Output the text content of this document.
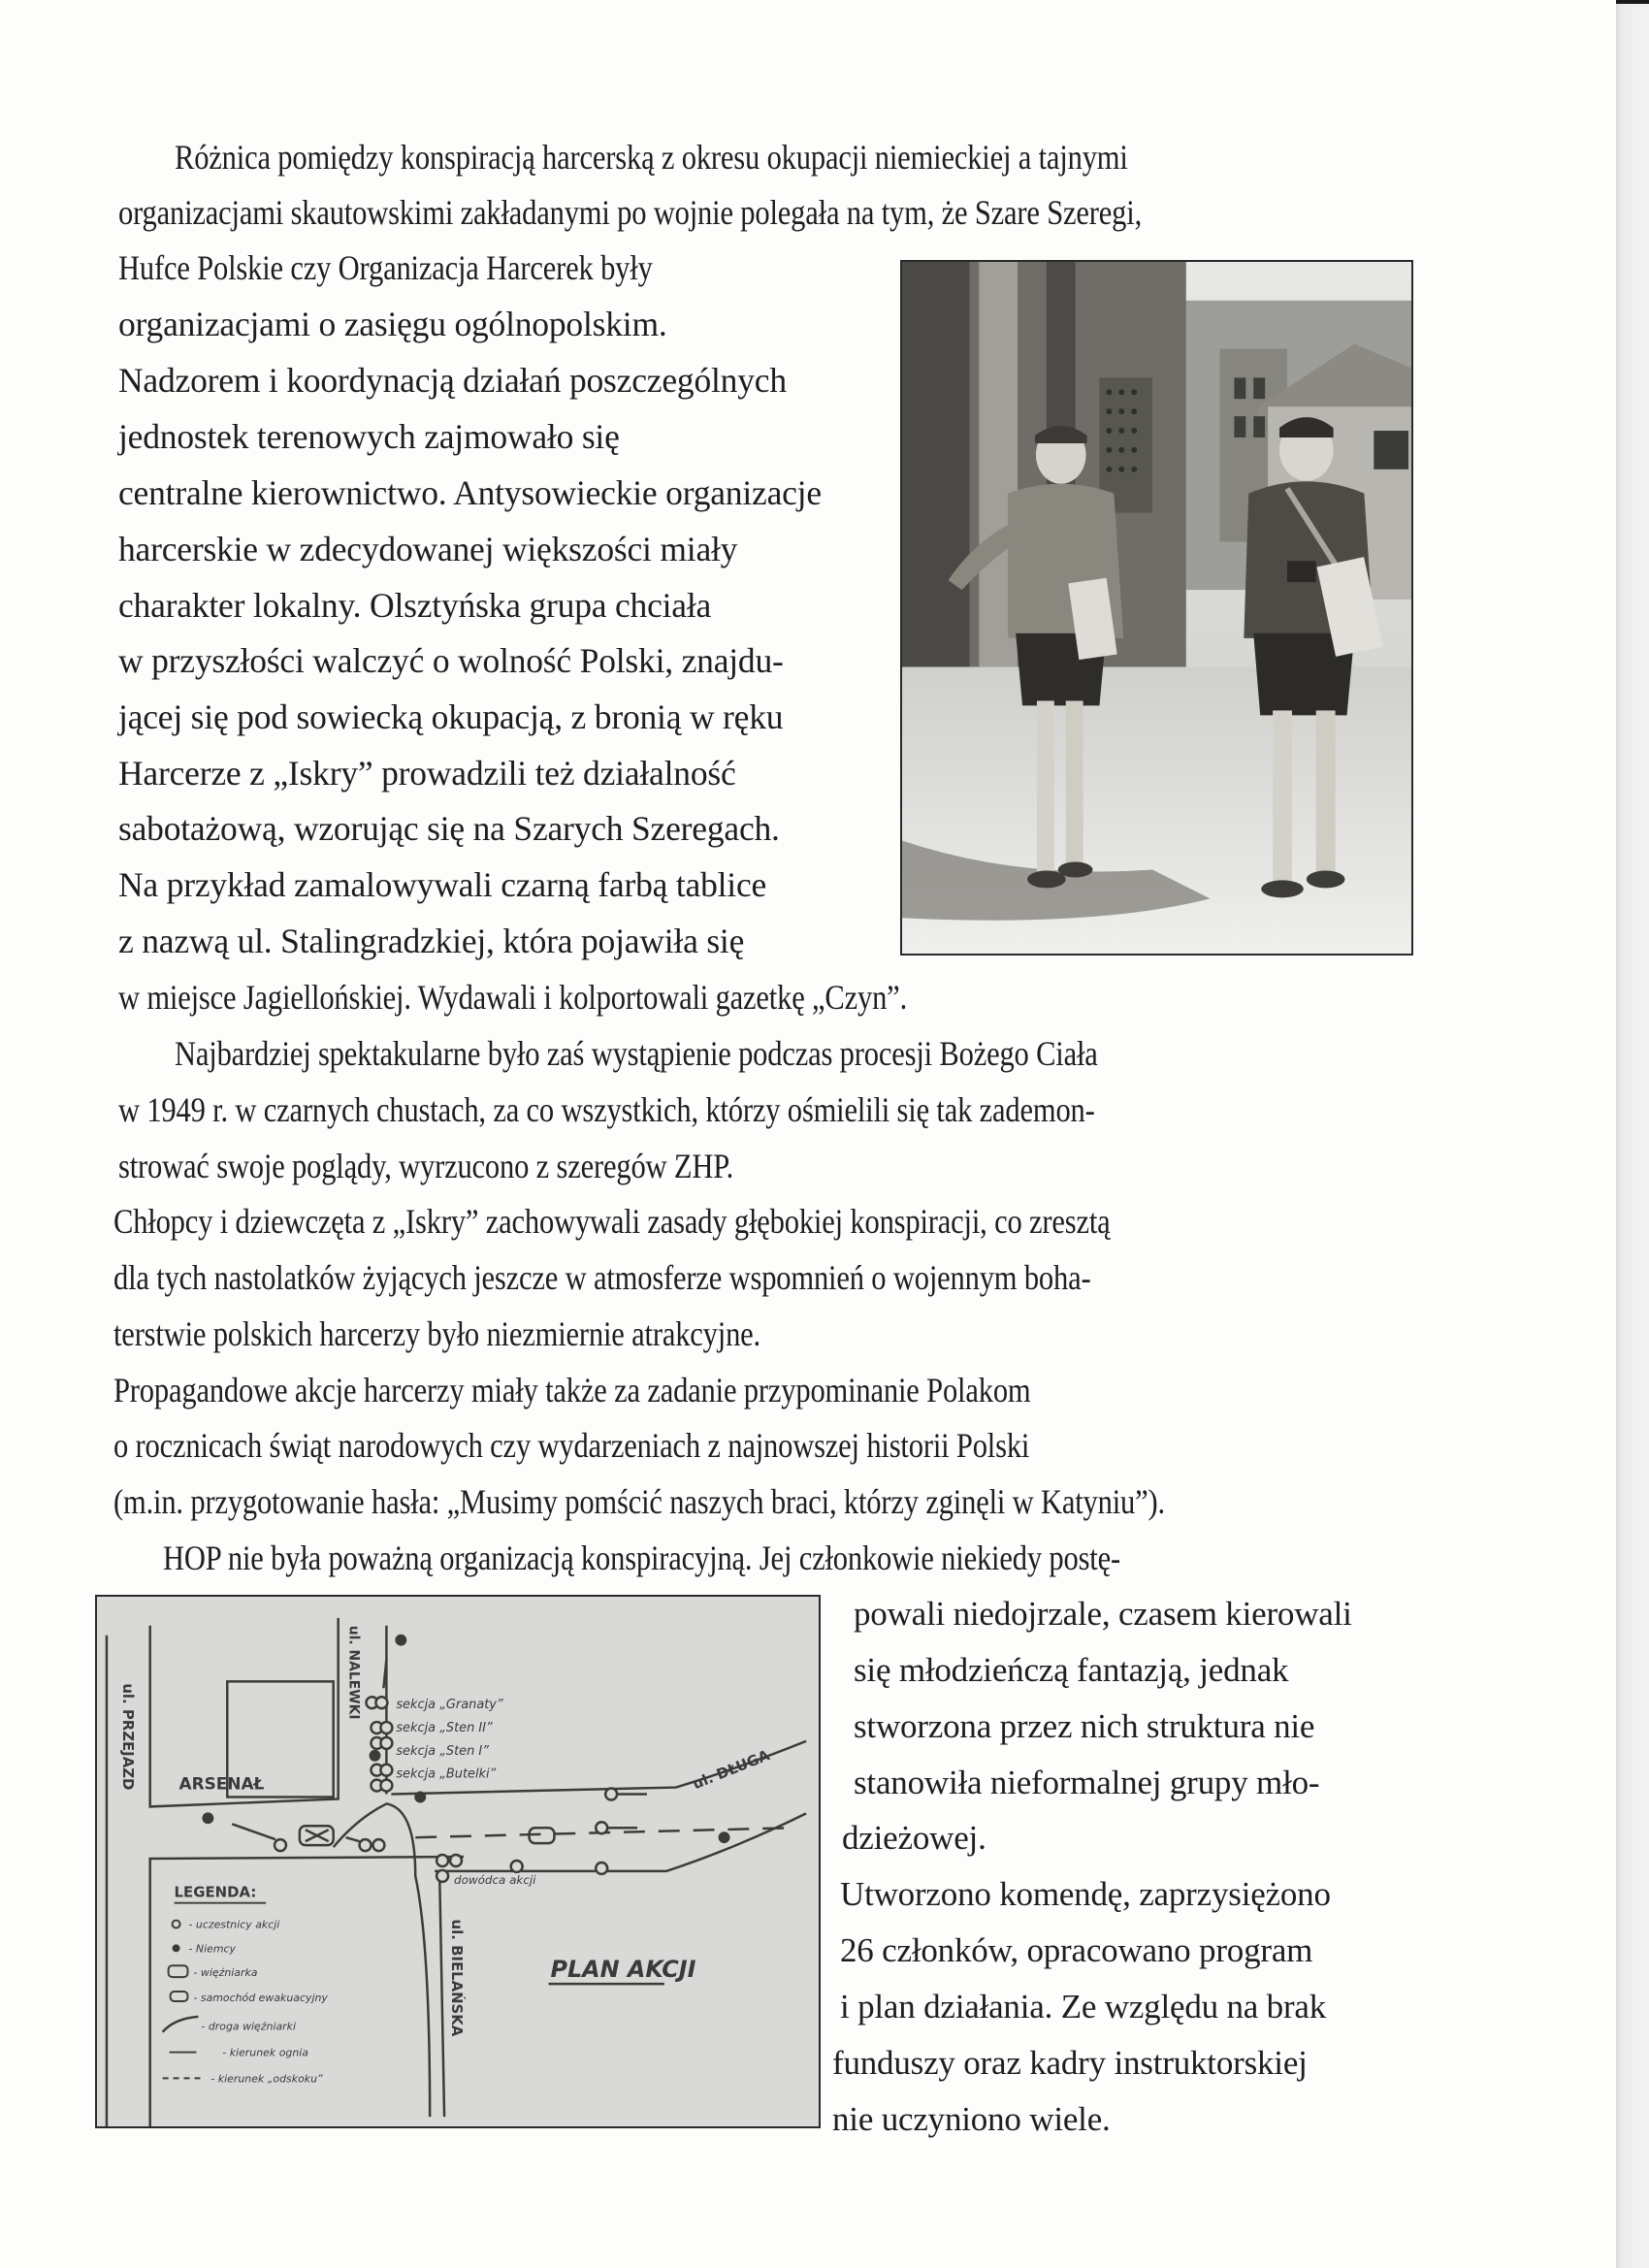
Różnica pomiędzy konspiracją harcerską z okresu okupacji niemieckiej a tajnymi
organizacjami skautowskimi zakładanymi po wojnie polegała na tym, że Szare Szeregi,
Hufce Polskie czy Organizacja Harcerek były
organizacjami o zasięgu ogólnopolskim.
Nadzorem i koordynacją działań poszczególnych
jednostek terenowych zajmowało się
centralne kierownictwo. Antysowieckie organizacje
harcerskie w zdecydowanej większości miały
charakter lokalny. Olsztyńska grupa chciała
w przyszłości walczyć o wolność Polski, znajdu-
jącej się pod sowiecką okupacją, z bronią w ręku
Harcerze z „Iskry” prowadzili też działalność
sabotażową, wzorując się na Szarych Szeregach.
Na przykład zamalowywali czarną farbą tablice
z nazwą ul. Stalingradzkiej, która pojawiła się
w miejsce Jagiellońskiej. Wydawali i kolportowali gazetkę „Czyn”.
Najbardziej spektakularne było zaś wystąpienie podczas procesji Bożego Ciała
w 1949 r. w czarnych chustach, za co wszystkich, którzy ośmielili się tak zademon-
strować swoje poglądy, wyrzucono z szeregów ZHP.
Chłopcy i dziewczęta z „Iskry” zachowywali zasady głębokiej konspiracji, co zresztą
dla tych nastolatków żyjących jeszcze w atmosferze wspomnień o wojennym boha-
terstwie polskich harcerzy było niezmiernie atrakcyjne.
Propagandowe akcje harcerzy miały także za zadanie przypominanie Polakom
o rocznicach świąt narodowych czy wydarzeniach z najnowszej historii Polski
(m.in. przygotowanie hasła: „Musimy pomścić naszych braci, którzy zginęli w Katyniu”).
HOP nie była poważną organizacją konspiracyjną. Jej członkowie niekiedy postę-
powali niedojrzale, czasem kierowali
się młodzieńczą fantazją, jednak
stworzona przez nich struktura nie
stanowiła nieformalnej grupy mło-
dzieżowej.
Utworzono komendę, zaprzysiężono
26 członków, opracowano program
i plan działania. Ze względu na brak
funduszy oraz kadry instruktorskiej
nie uczyniono wiele.
ARSENAŁ
ul. PRZEJAZD
ul. NALEWKI
ul. DŁUGA
ul. BIELAŃSKA
sekcja „Granaty”
sekcja „Sten II”
sekcja „Sten I”
sekcja „Butelki”
dowódca akcji
PLAN AKCJI
LEGENDA:
- uczestnicy akcji
- Niemcy
- więźniarka
- samochód ewakuacyjny
- droga więźniarki
- kierunek ognia
- kierunek „odskoku”
